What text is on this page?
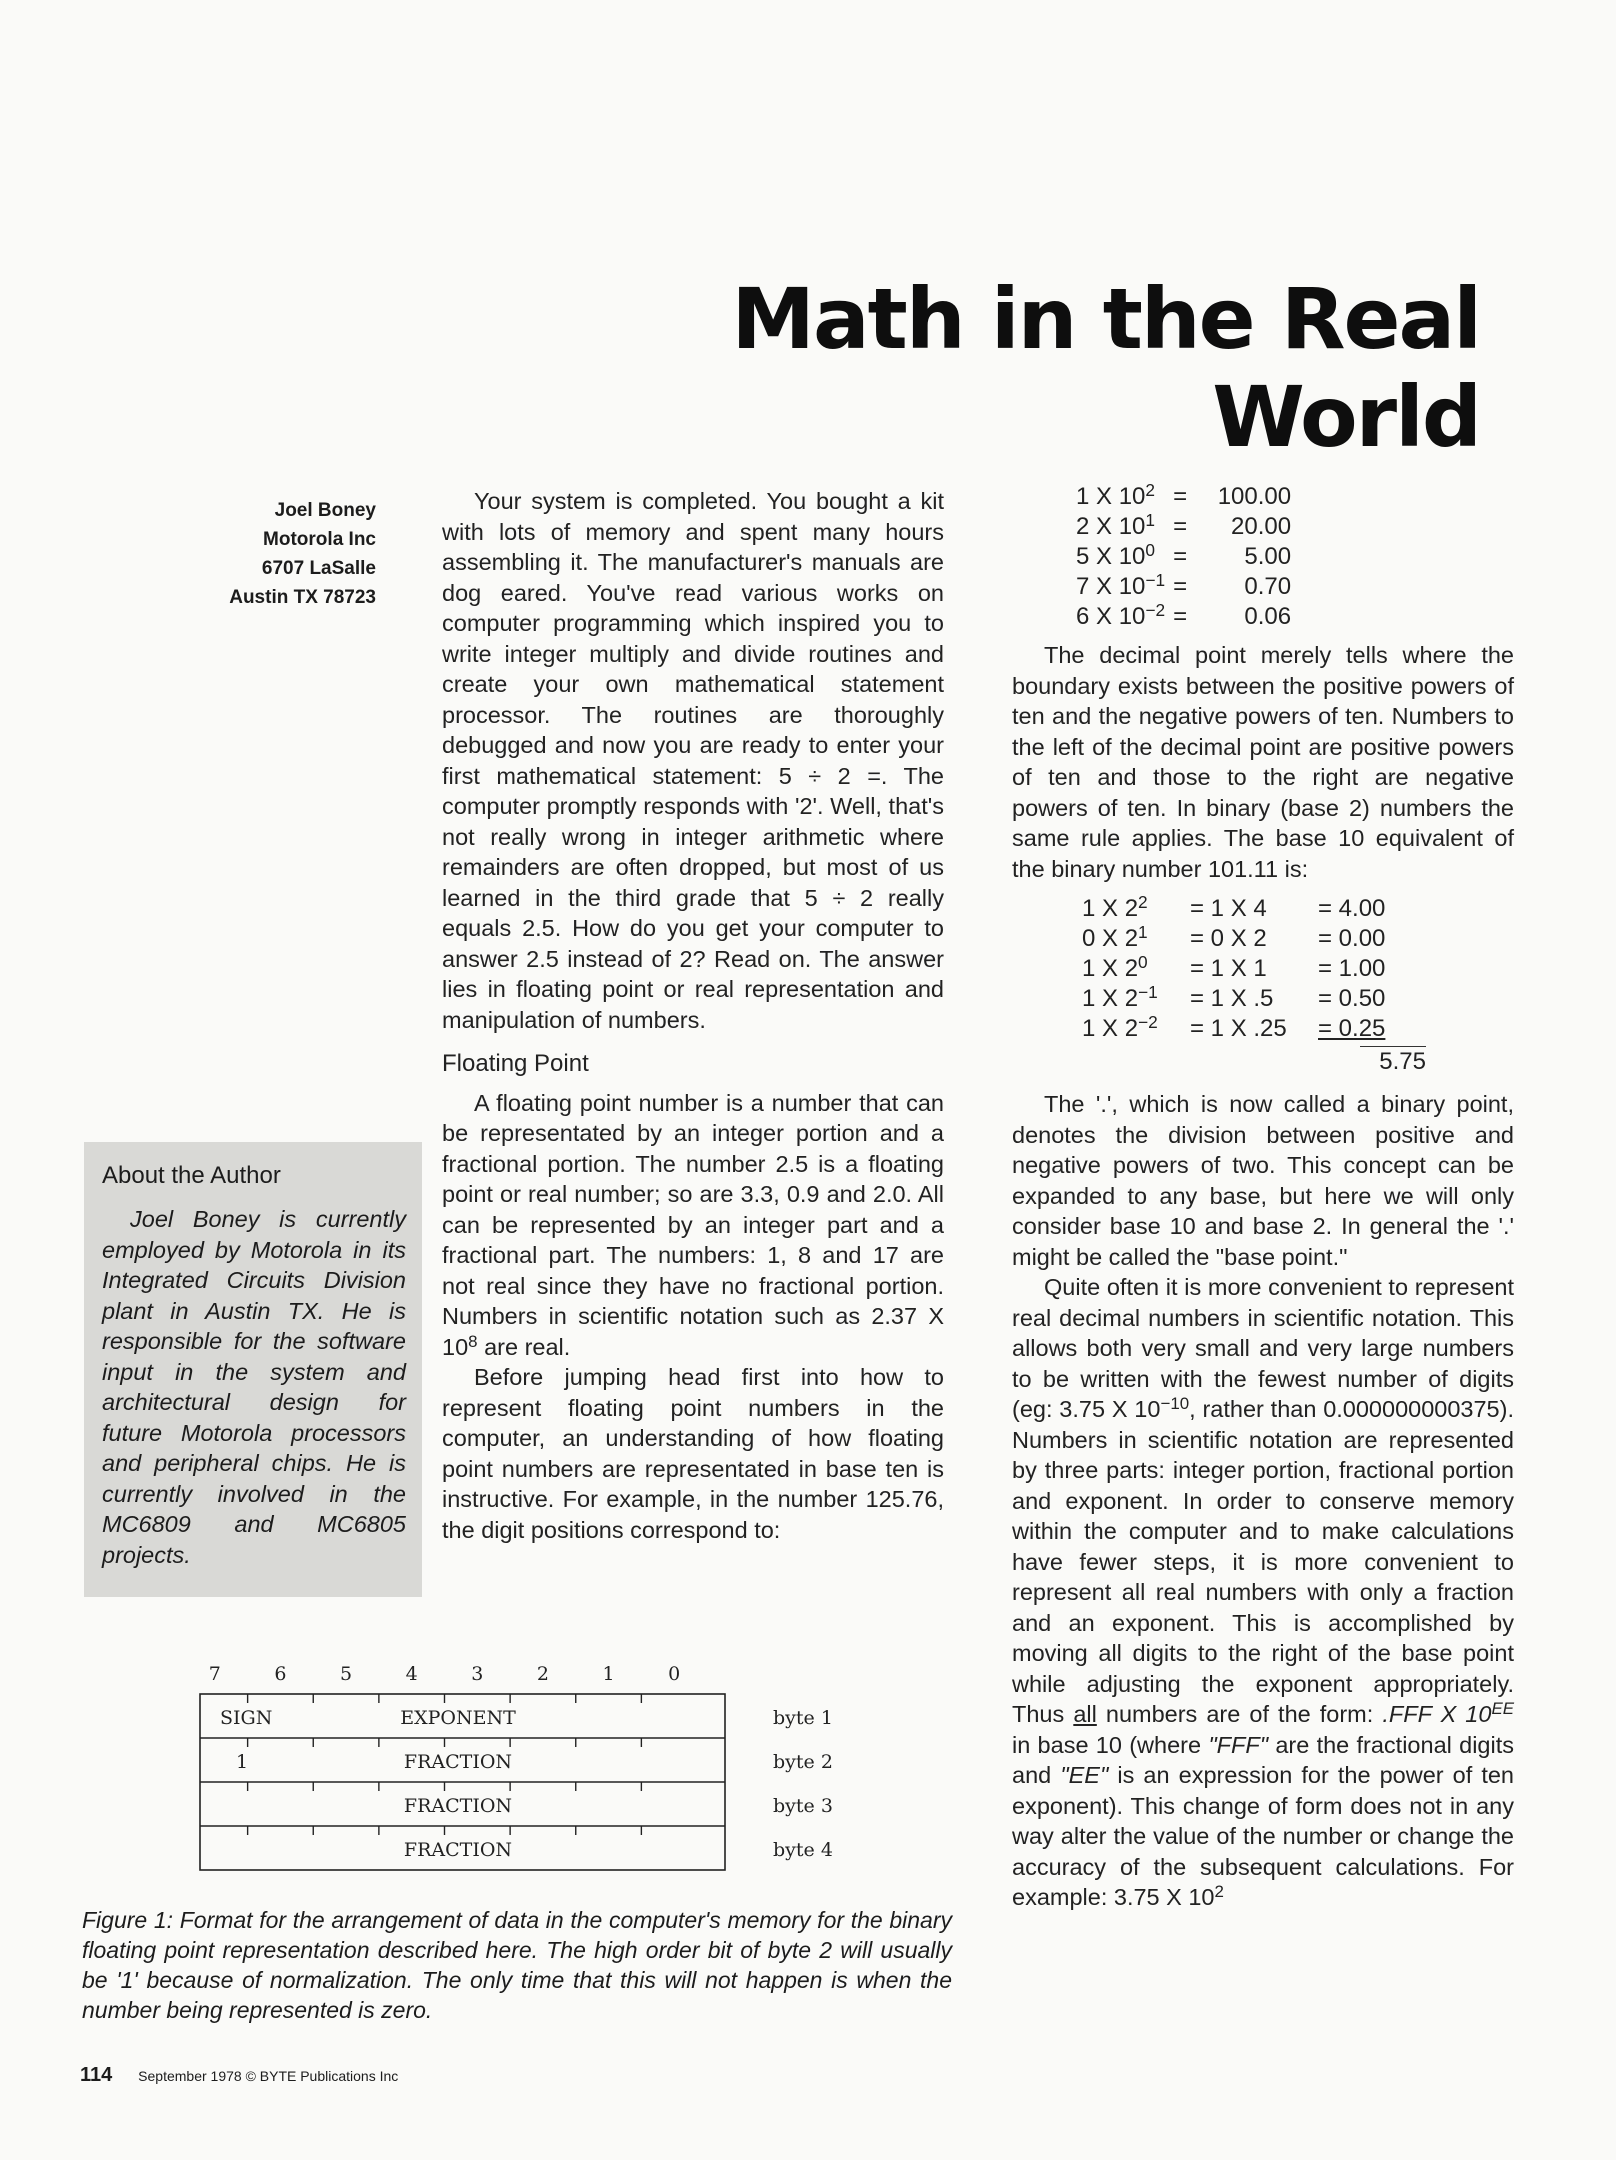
Math in the Real World
Joel Boney
Motorola Inc
6707 LaSalle
Austin TX 78723
About the Author

Joel Boney is currently employed by Motorola in its Integrated Circuits Division plant in Austin TX. He is responsible for the software input in the system and architectural design for future Motorola processors and peripheral chips. He is currently involved in the MC6809 and MC6805 projects.

Your system is completed. You bought a kit with lots of memory and spent many hours assembling it. The manufacturer's manuals are dog eared. You've read various works on computer programming which inspired you to write integer multiply and divide routines and create your own mathematical statement processor. The routines are thoroughly debugged and now you are ready to enter your first mathematical statement: 5 ÷ 2 =. The computer promptly responds with '2'. Well, that's not really wrong in integer arithmetic where remainders are often dropped, but most of us learned in the third grade that 5 ÷ 2 really equals 2.5. How do you get your computer to answer 2.5 instead of 2? Read on. The answer lies in floating point or real representation and manipulation of numbers.

Floating Point

A floating point number is a number that can be representated by an integer portion and a fractional portion. The number 2.5 is a floating point or real number; so are 3.3, 0.9 and 2.0. All can be represented by an integer part and a fractional part. The numbers: 1, 8 and 17 are not real since they have no fractional portion. Numbers in scientific notation such as 2.37 X $10^8$ are real.

Before jumping head first into how to represent floating point numbers in the computer, an understanding of how floating point numbers are representated in base ten is instructive. For example, in the number 125.76, the digit positions correspond to:

1 X $10^2$	=	100.00
2 X $10^1$	=	20.00
5 X $10^0$	=	5.00
7 X $10^{-1}$	=	0.70
6 X $10^{-2}$	=	0.06

The decimal point merely tells where the boundary exists between the positive powers of ten and the negative powers of ten. Numbers to the left of the decimal point are positive powers of ten and those to the right are negative powers of ten. In binary (base 2) numbers the same rule applies. The base 10 equivalent of the binary number 101.11 is:

1 X $2^2$	= 1 X 4	= 4.00
0 X $2^1$	= 0 X 2	= 0.00
1 X $2^0$	= 1 X 1	= 1.00
1 X $2^{-1}$	= 1 X .5	= 0.50
1 X $2^{-2}$	= 1 X .25	= 0.25
5.75

The '.', which is now called a binary point, denotes the division between positive and negative powers of two. This concept can be expanded to any base, but here we will only consider base 10 and base 2. In general the '.' might be called the "base point."

Quite often it is more convenient to represent real decimal numbers in scientific notation. This allows both very small and very large numbers to be written with the fewest number of digits (eg: 3.75 X $10^{-10}$, rather than 0.000000000375). Numbers in scientific notation are represented by three parts: integer portion, fractional portion and exponent. In order to conserve memory within the computer and to make calculations have fewer steps, it is more convenient to represent all real numbers with only a fraction and an exponent. This is accomplished by moving all digits to the right of the base point while adjusting the exponent appropriately. Thus all numbers are of the form: .FFF X $10^{EE}$ in base 10 (where "FFF" are the fractional digits and "EE" is an expression for the power of ten exponent). This change of form does not in any way alter the value of the number or change the accuracy of the subsequent calculations. For example: 3.75 X $10^2$

7	6	5	4	3	2	1	0
SIGN	EXPONENT	byte 1
1	FRACTION	byte 2
FRACTION	byte 3
FRACTION	byte 4
Figure 1: Format for the arrangement of data in the computer's memory for the binary floating point representation described here. The high order bit of byte 2 will usually be '1' because of normalization. The only time that this will not happen is when the number being represented is zero.
114 September 1978 © BYTE Publications Inc
